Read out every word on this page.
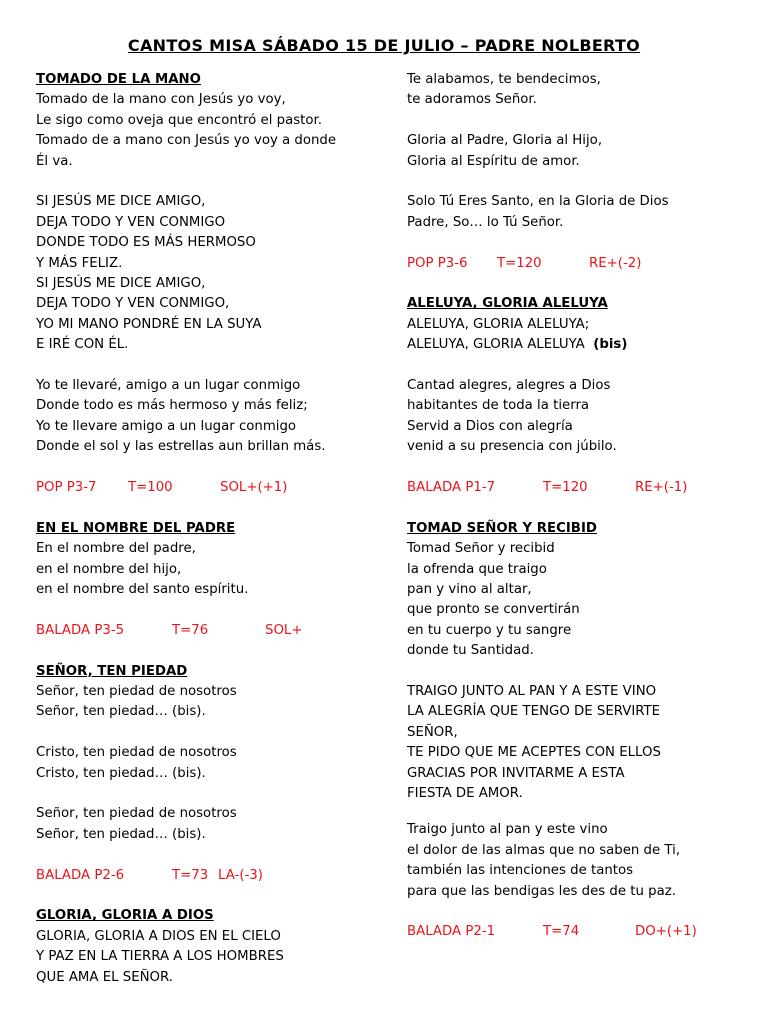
CANTOS MISA SÁBADO 15 DE JULIO – PADRE NOLBERTO
TOMADO DE LA MANO
Tomado de la mano con Jesús yo voy,
Le sigo como oveja que encontró el pastor.
Tomado de a mano con Jesús yo voy a donde
Él va.
SI JESÚS ME DICE AMIGO,
DEJA TODO Y VEN CONMIGO
DONDE TODO ES MÁS HERMOSO
Y MÁS FELIZ.
SI JESÚS ME DICE AMIGO,
DEJA TODO Y VEN CONMIGO,
YO MI MANO PONDRÉ EN LA SUYA
E IRÉ CON ÉL.
Yo te llevaré, amigo a un lugar conmigo
Donde todo es más hermoso y más feliz;
Yo te llevare amigo a un lugar conmigo
Donde el sol y las estrellas aun brillan más.
POP P3-7 T=100	SOL+(+1)
EN EL NOMBRE DEL PADRE
En el nombre del padre,
en el nombre del hijo,
en el nombre del santo espíritu.
BALADA P3-5	T=76	SOL+
SEÑOR, TEN PIEDAD
Señor, ten piedad de nosotros
Señor, ten piedad… (bis).
Cristo, ten piedad de nosotros
Cristo, ten piedad… (bis).
Señor, ten piedad de nosotros
Señor, ten piedad… (bis).
BALADA P2-6	T=73 LA-(-3)
GLORIA, GLORIA A DIOS
GLORIA, GLORIA A DIOS EN EL CIELO
Y PAZ EN LA TIERRA A LOS HOMBRES
QUE AMA EL SEÑOR.
Te alabamos, te bendecimos,
te adoramos Señor.
Gloria al Padre, Gloria al Hijo,
Gloria al Espíritu de amor.
Solo Tú Eres Santo, en la Gloria de Dios
Padre, So… lo Tú Señor.
POP P3-6 T=120	RE+(-2)
ALELUYA, GLORIA ALELUYA
ALELUYA, GLORIA ALELUYA;
ALELUYA, GLORIA ALELUYA (bis)
Cantad alegres, alegres a Dios
habitantes de toda la tierra
Servid a Dios con alegría
venid a su presencia con júbilo.
BALADA P1-7	T=120	RE+(-1)
TOMAD SEÑOR Y RECIBID
Tomad Señor y recibid
la ofrenda que traigo
pan y vino al altar,
que pronto se convertirán
en tu cuerpo y tu sangre
donde tu Santidad.
TRAIGO JUNTO AL PAN Y A ESTE VINO
LA ALEGRÍA QUE TENGO DE SERVIRTE
SEÑOR,
TE PIDO QUE ME ACEPTES CON ELLOS
GRACIAS POR INVITARME A ESTA
FIESTA DE AMOR.
Traigo junto al pan y este vino
el dolor de las almas que no saben de Ti,
también las intenciones de tantos
para que las bendigas les des de tu paz.
BALADA P2-1	T=74	DO+(+1)
